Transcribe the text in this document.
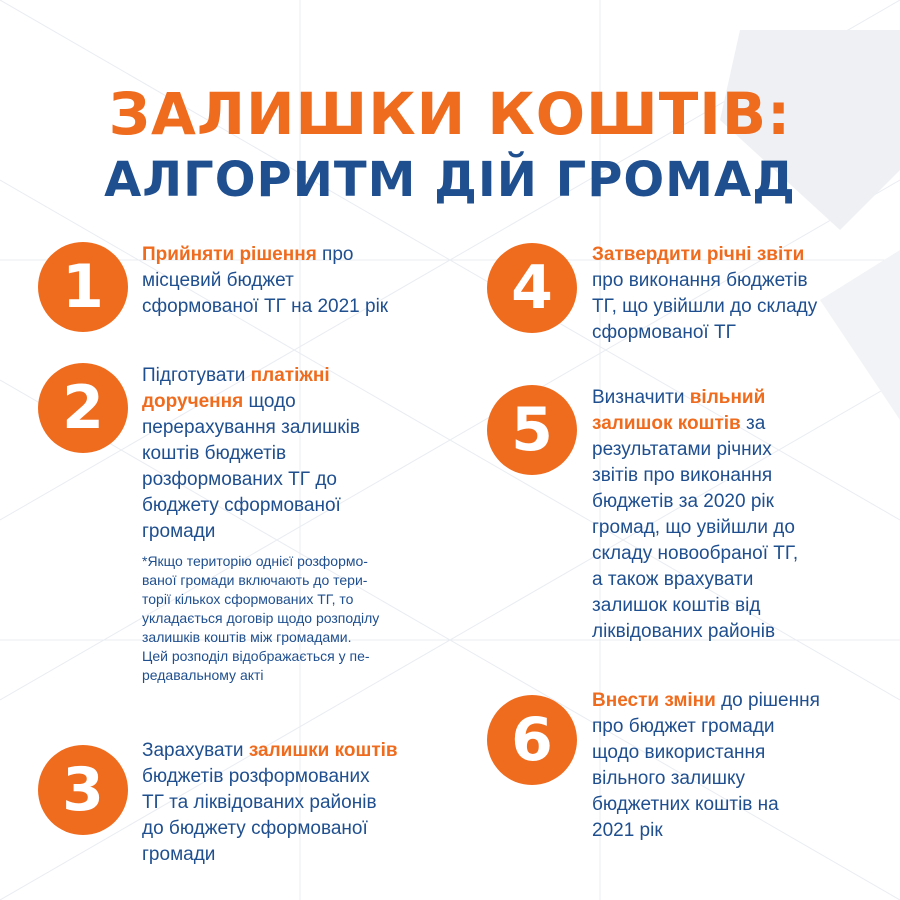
ЗАЛИШКИ КОШТІВ:
АЛГОРИТМ ДІЙ ГРОМАД
1	Прийняти рішення про
місцевий бюджет
сформованої ТГ на 2021 рік
2	Підготувати платіжні
доручення щодо
перерахування залишків
коштів бюджетів
розформованих ТГ до
бюджету сформованої
громади
*Якщо територію однієї розформо-
ваної громади включають до тери-
торії кількох сформованих ТГ, то
укладається договір щодо розподілу
залишків коштів між громадами.
Цей розподіл відображається у пе-
редавальному акті
3
Зарахувати залишки коштів
бюджетів розформованих
ТГ та ліквідованих районів
до бюджету сформованої
громади
4	Затвердити річні звіти
про виконання бюджетів
ТГ, що увійшли до складу
сформованої ТГ
5	Визначити вільний
залишок коштів за
результатами річних
звітів про виконання
бюджетів за 2020 рік
громад, що увійшли до
складу новообраної ТГ,
а також врахувати
залишок коштів від
ліквідованих районів
6
Внести зміни до рішення
про бюджет громади
щодо використання
вільного залишку
бюджетних коштів на
2021 рік
